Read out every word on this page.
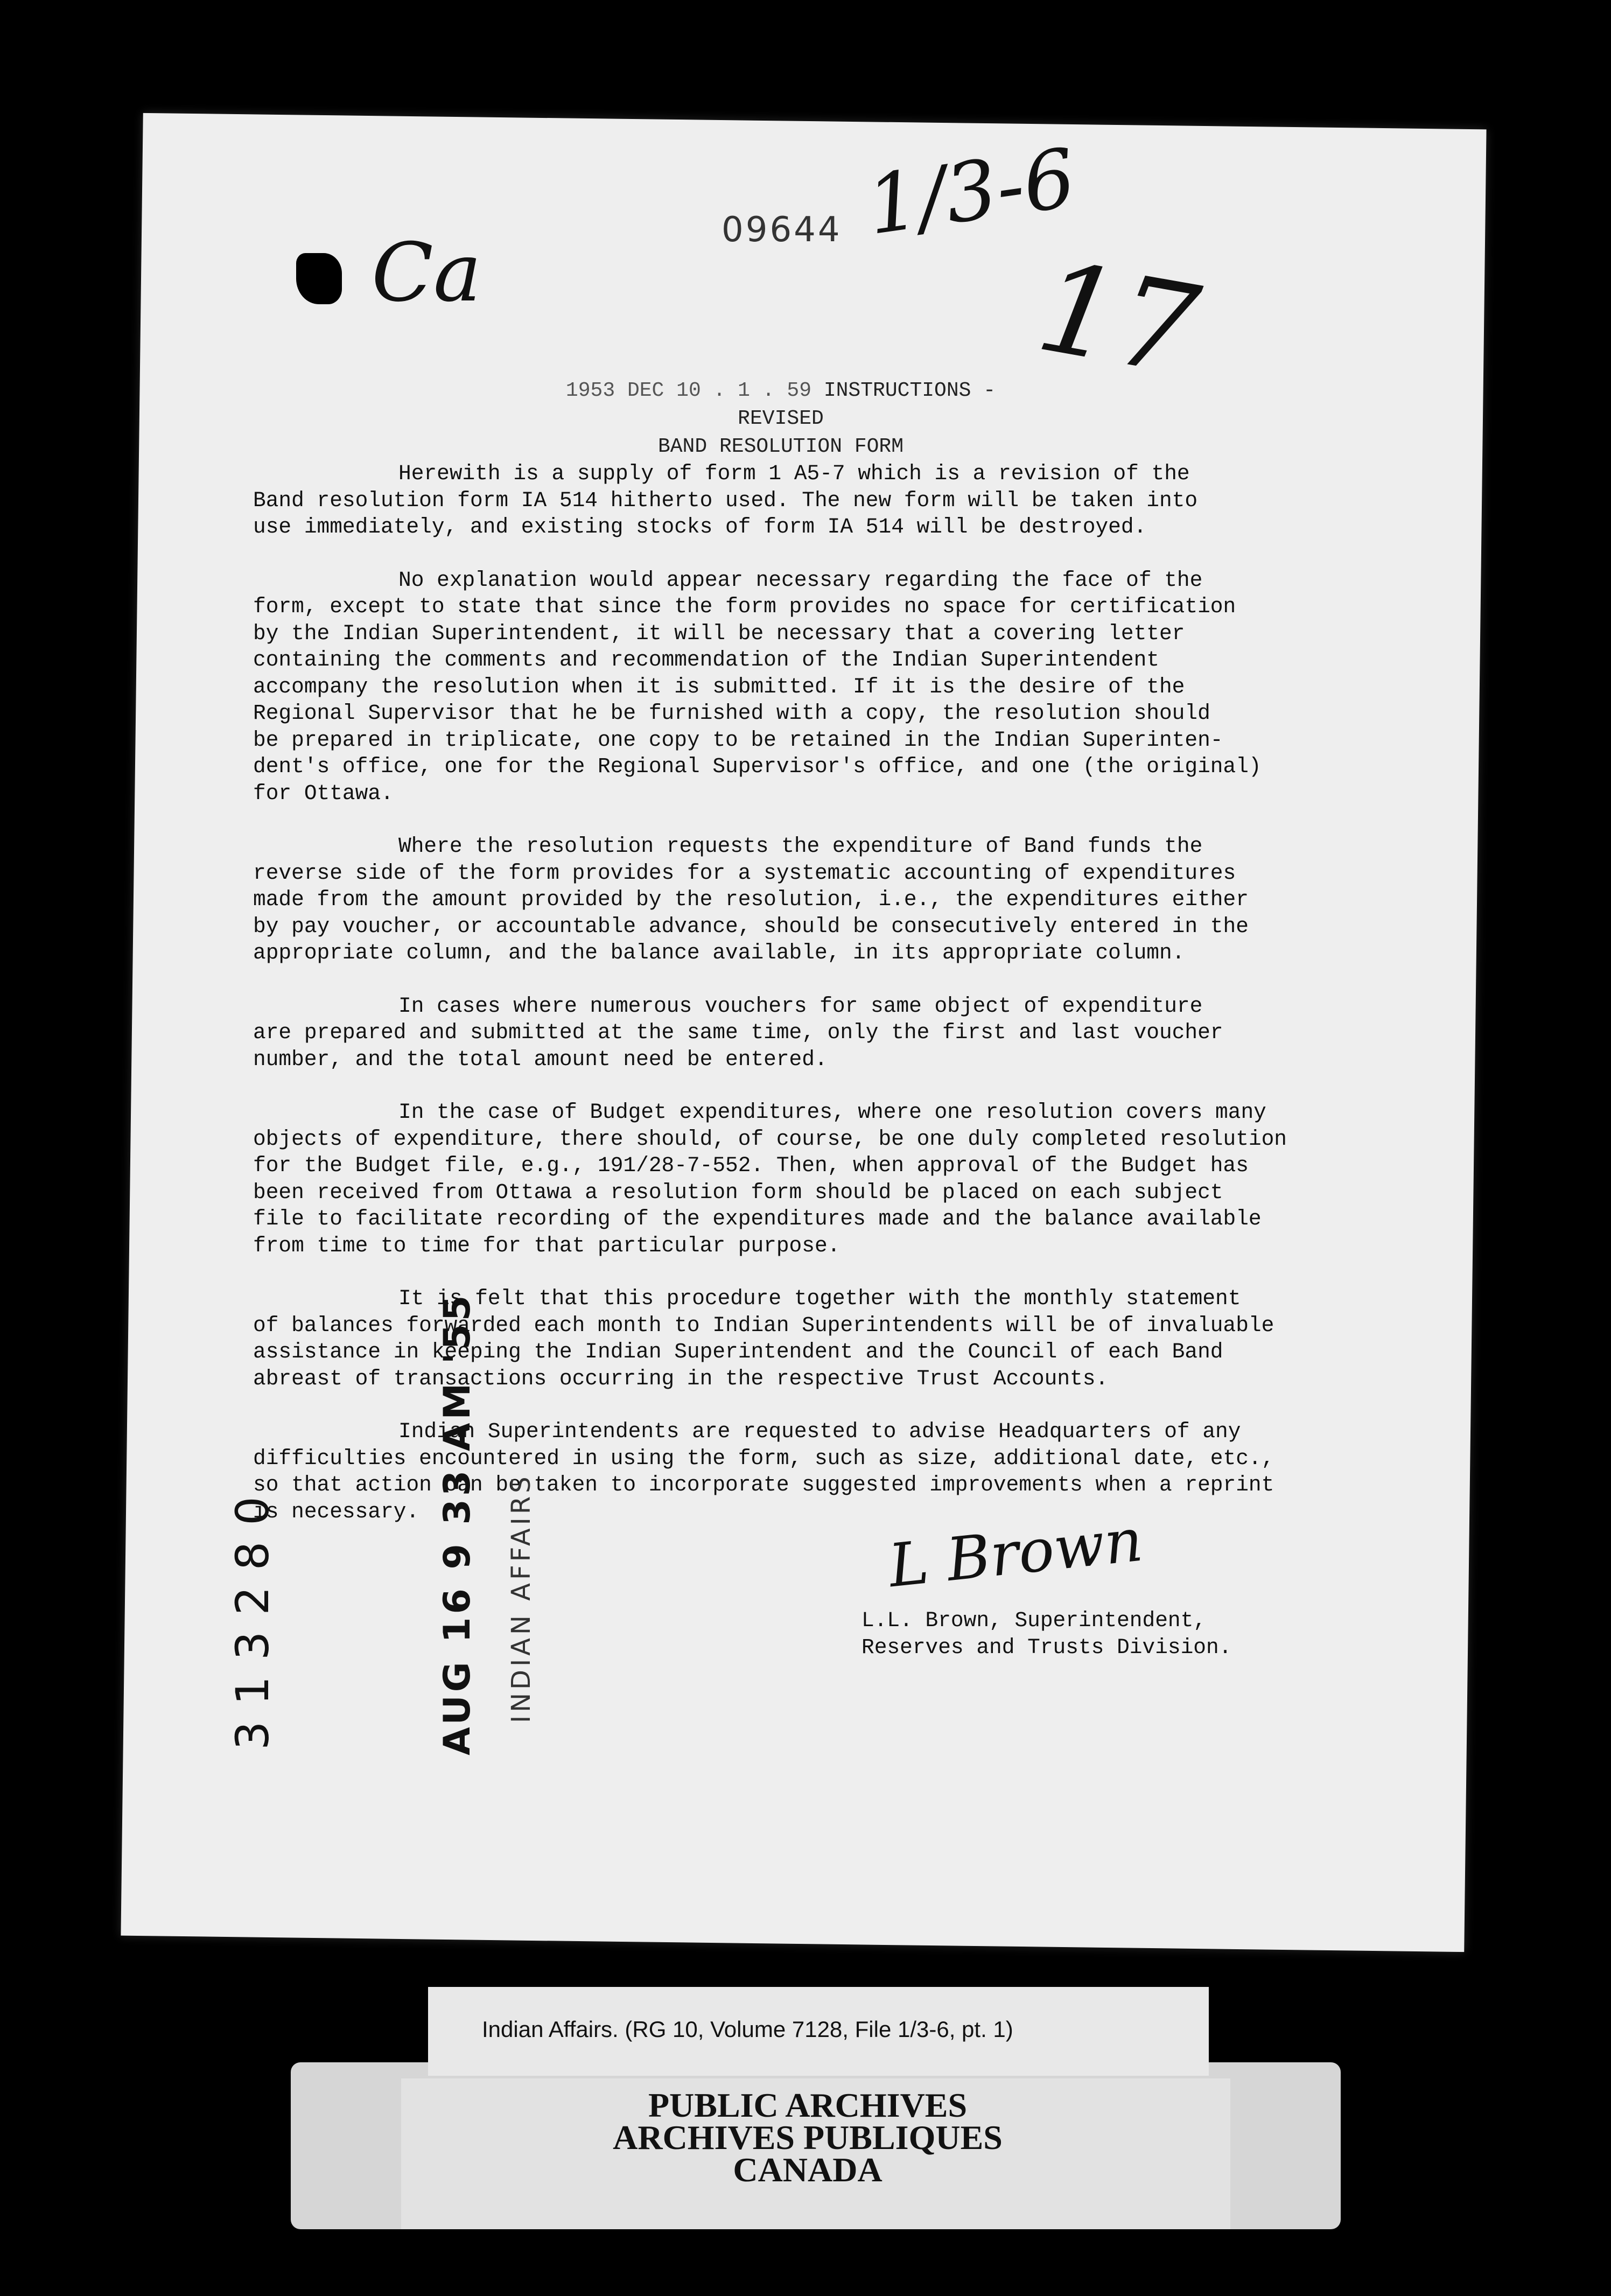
1/3-6
09644
Ca	17
1953 DEC 10 . 1 . 59 INSTRUCTIONS - REVISED
BAND RESOLUTION FORM

Herewith is a supply of form 1 A5-7 which is a revision of the
Band resolution form IA 514 hitherto used. The new form will be taken into
use immediately, and existing stocks of form IA 514 will be destroyed.

No explanation would appear necessary regarding the face of the
form, except to state that since the form provides no space for certification
by the Indian Superintendent, it will be necessary that a covering letter
containing the comments and recommendation of the Indian Superintendent
accompany the resolution when it is submitted. If it is the desire of the
Regional Supervisor that he be furnished with a copy, the resolution should
be prepared in triplicate, one copy to be retained in the Indian Superinten-
dent's office, one for the Regional Supervisor's office, and one (the original)
for Ottawa.

Where the resolution requests the expenditure of Band funds the
reverse side of the form provides for a systematic accounting of expenditures
made from the amount provided by the resolution, i.e., the expenditures either
by pay voucher, or accountable advance, should be consecutively entered in the
appropriate column, and the balance available, in its appropriate column.

In cases where numerous vouchers for same object of expenditure
are prepared and submitted at the same time, only the first and last voucher
number, and the total amount need be entered.

In the case of Budget expenditures, where one resolution covers many
objects of expenditure, there should, of course, be one duly completed resolution
for the Budget file, e.g., 191/28-7-552. Then, when approval of the Budget has
been received from Ottawa a resolution form should be placed on each subject
file to facilitate recording of the expenditures made and the balance available
from time to time for that particular purpose.

It is felt that this procedure together with the monthly statement
of balances forwarded each month to Indian Superintendents will be of invaluable
assistance in keeping the Indian Superintendent and the Council of each Band
abreast of transactions occurring in the respective Trust Accounts.

Indian Superintendents are requested to advise Headquarters of any
difficulties encountered in using the form, such as size, additional date, etc.,
so that action can be taken to incorporate suggested improvements when a reprint
is necessary.	L Brown
L.L. Brown, Superintendent,
Reserves and Trusts Division.
313280	AUG 16 9 33 AM '55 INDIAN AFFAIRS
Indian Affairs. (RG 10, Volume 7128, File 1/3-6, pt. 1)
PUBLIC ARCHIVES
ARCHIVES PUBLIQUES
CANADA
